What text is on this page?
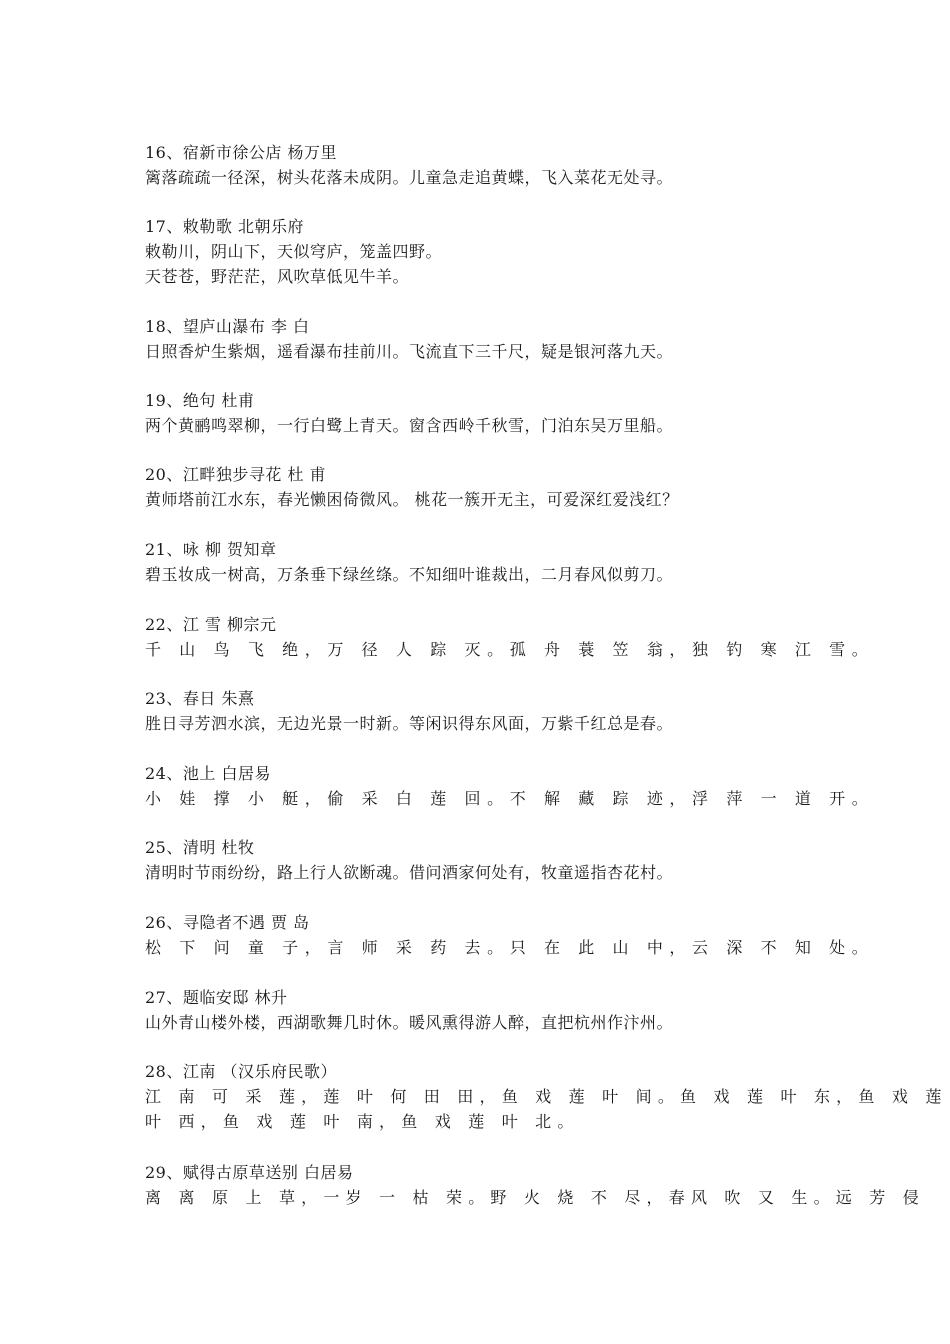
16、宿新市徐公店 杨万里
篱落疏疏一径深，树头花落未成阴。儿童急走追黄蝶，飞入菜花无处寻。
17、敕勒歌 北朝乐府
敕勒川，阴山下，天似穹庐，笼盖四野。
天苍苍，野茫茫，风吹草低见牛羊。
18、望庐山瀑布 李 白
日照香炉生紫烟，遥看瀑布挂前川。飞流直下三千尺，疑是银河落九天。
19、绝句 杜甫
两个黄鹂鸣翠柳，一行白鹭上青天。窗含西岭千秋雪，门泊东吴万里船。
20、江畔独步寻花 杜 甫
黄师塔前江水东，春光懒困倚微风。 桃花一簇开无主，可爱深红爱浅红？
21、咏 柳 贺知章
碧玉妆成一树高，万条垂下绿丝绦。不知细叶谁裁出，二月春风似剪刀。
22、江 雪 柳宗元
千 山 鸟 飞 绝，万 径 人 踪 灭。孤 舟 蓑 笠 翁，独 钓 寒 江 雪。
23、春日 朱熹
胜日寻芳泗水滨，无边光景一时新。等闲识得东风面，万紫千红总是春。
24、池上 白居易
小 娃 撑 小 艇，偷 采 白 莲 回。不 解 藏 踪 迹，浮 萍 一 道 开。
25、清明 杜牧
清明时节雨纷纷，路上行人欲断魂。借问酒家何处有，牧童遥指杏花村。
26、寻隐者不遇 贾 岛
松 下 问 童 子，言 师 采 药 去。只 在 此 山 中，云 深 不 知 处。
27、题临安邸 林升
山外青山楼外楼，西湖歌舞几时休。暖风熏得游人醉，直把杭州作汴州。
28、江南 （汉乐府民歌）
江 南 可 采 莲，莲 叶 何 田 田，鱼 戏 莲 叶 间。鱼 戏 莲 叶 东，鱼 戏 莲
叶 西，鱼 戏 莲 叶 南，鱼 戏 莲 叶 北。
29、赋得古原草送别 白居易
离 离 原 上 草，一岁 一 枯 荣。野 火 烧 不 尽，春风 吹 又 生。远 芳 侵
